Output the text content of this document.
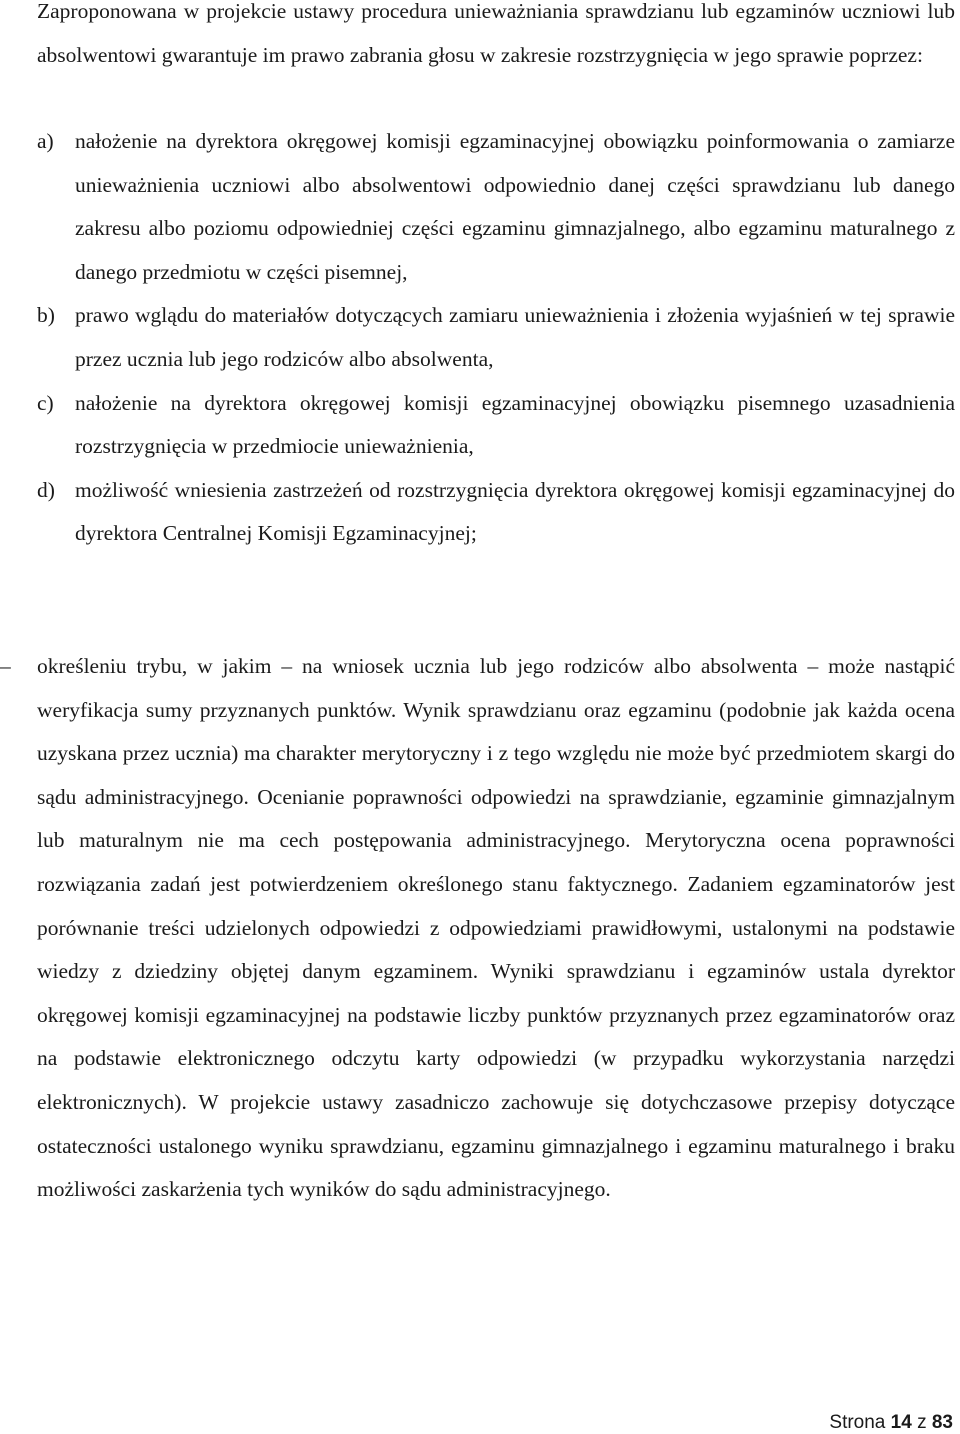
Zaproponowana w projekcie ustawy procedura unieważniania sprawdzianu lub egzaminów uczniowi lub absolwentowi gwarantuje im prawo zabrania głosu w zakresie rozstrzygnięcia w jego sprawie poprzez:

a) nałożenie na dyrektora okręgowej komisji egzaminacyjnej obowiązku poinformowania o zamiarze unieważnienia uczniowi albo absolwentowi odpowiednio danej części sprawdzianu lub danego zakresu albo poziomu odpowiedniej części egzaminu gimnazjalnego, albo egzaminu maturalnego z danego przedmiotu w części pisemnej,
b) prawo wglądu do materiałów dotyczących zamiaru unieważnienia i złożenia wyjaśnień w tej sprawie przez ucznia lub jego rodziców albo absolwenta,
c) nałożenie na dyrektora okręgowej komisji egzaminacyjnej obowiązku pisemnego uzasadnienia rozstrzygnięcia w przedmiocie unieważnienia,
d) możliwość wniesienia zastrzeżeń od rozstrzygnięcia dyrektora okręgowej komisji egzaminacyjnej do dyrektora Centralnej Komisji Egzaminacyjnej;

–	określeniu trybu, w jakim – na wniosek ucznia lub jego rodziców albo absolwenta – może nastąpić weryfikacja sumy przyznanych punktów. Wynik sprawdzianu oraz egzaminu (podobnie jak każda ocena uzyskana przez ucznia) ma charakter merytoryczny i z tego względu nie może być przedmiotem skargi do sądu administracyjnego. Ocenianie poprawności odpowiedzi na sprawdzianie, egzaminie gimnazjalnym lub maturalnym nie ma cech postępowania administracyjnego. Merytoryczna ocena poprawności rozwiązania zadań jest potwierdzeniem określonego stanu faktycznego. Zadaniem egzaminatorów jest porównanie treści udzielonych odpowiedzi z odpowiedziami prawidłowymi, ustalonymi na podstawie wiedzy z dziedziny objętej danym egzaminem. Wyniki sprawdzianu i egzaminów ustala dyrektor okręgowej komisji egzaminacyjnej na podstawie liczby punktów przyznanych przez egzaminatorów oraz na podstawie elektronicznego odczytu karty odpowiedzi (w przypadku wykorzystania narzędzi elektronicznych). W projekcie ustawy zasadniczo zachowuje się dotychczasowe przepisy dotyczące ostateczności ustalonego wyniku sprawdzianu, egzaminu gimnazjalnego i egzaminu maturalnego i braku możliwości zaskarżenia tych wyników do sądu administracyjnego.

Strona 14 z 83
